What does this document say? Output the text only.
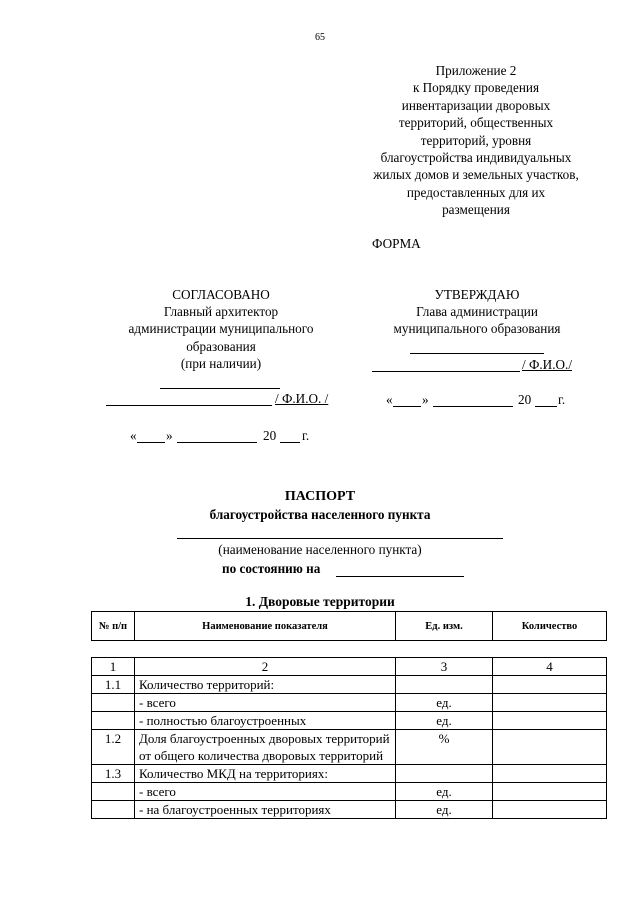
65
Приложение 2
к Порядку проведения
инвентаризации дворовых
территорий, общественных
территорий, уровня
благоустройства индивидуальных
жилых домов и земельных участков,
предоставленных для их
размещения
ФОРМА
СОГЛАСОВАНО
Главный архитектор
администрации муниципального
образования
(при наличии)
/ Ф.И.О. /
« »	20 г.
УТВЕРЖДАЮ
Глава администрации
муниципального образования
/ Ф.И.О./
« »	20 г.
ПАСПОРТ
благоустройства населенного пункта
(наименование населенного пункта)
по состоянию на
1. Дворовые территории
№ п/п	Наименование показателя	Ед. изм.	Количество
1	2	3	4
1.1	Количество территорий:		
	- всего	ед.	
	- полностью благоустроенных	ед.	
1.2	Доля благоустроенных дворовых территорий от общего количества дворовых территорий	%	
1.3	Количество МКД на территориях:		
	- всего	ед.	
	- на благоустроенных территориях	ед.	
